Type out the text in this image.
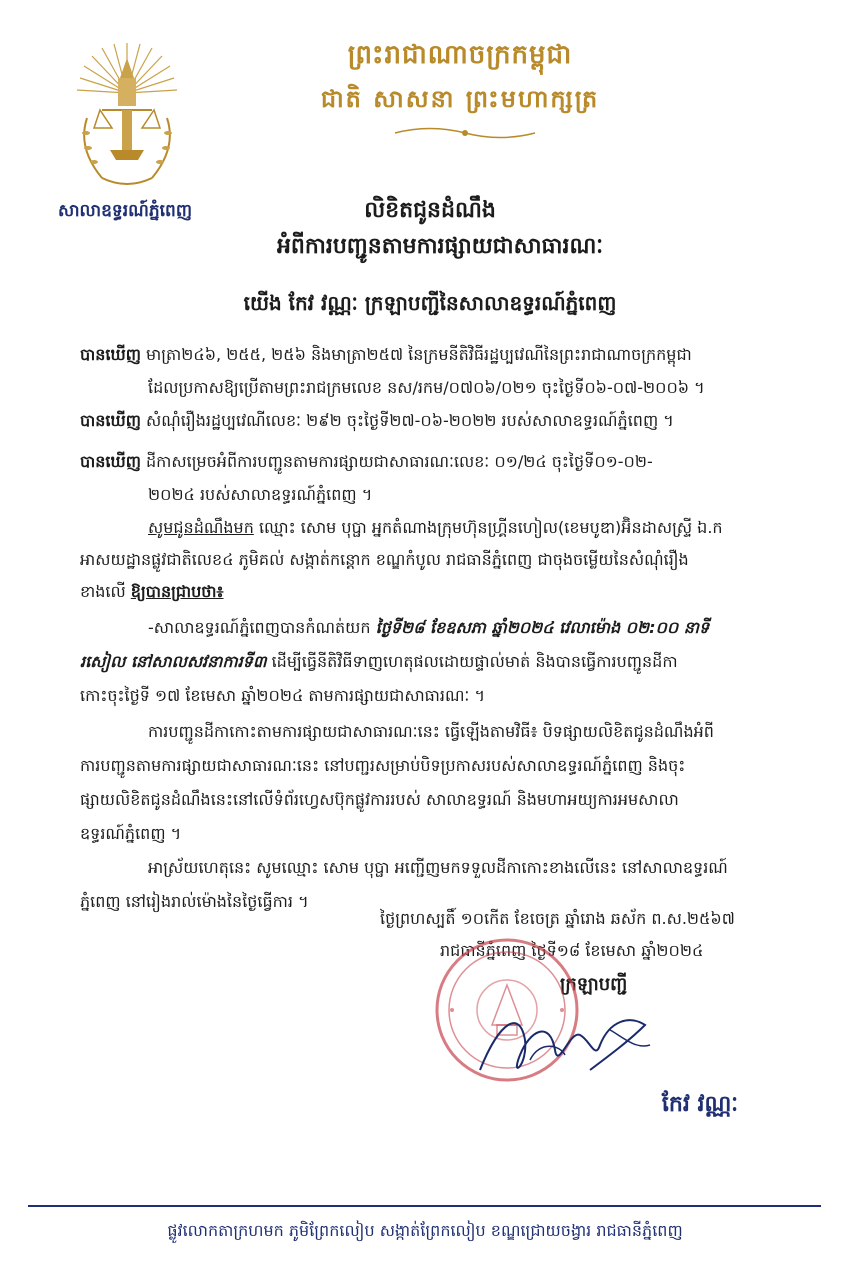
សាលាឧទ្ធរណ៍ភ្នំពេញ
ព្រះរាជាណាចក្រកម្ពុជា
ជាតិ សាសនា ព្រះមហាក្សត្រ
លិខិតជូនដំណឹង
អំពីការបញ្ជូនតាមការផ្សាយជាសាធារណៈ
យើង កែវ វណ្ណៈ ក្រឡាបញ្ជីនៃសាលាឧទ្ធរណ៍ភ្នំពេញ
បានឃើញ មាត្រា២៤៦, ២៥៥, ២៥៦ និងមាត្រា២៥៧ នៃក្រមនីតិវិធីរដ្ឋប្បវេណីនៃព្រះរាជាណាចក្រកម្ពុជា
ដែលប្រកាសឱ្យប្រើតាមព្រះរាជក្រមលេខ នស/រកម/០៧០៦/០២១ ចុះថ្ងៃទី០៦-០៧-២០០៦ ។
បានឃើញ សំណុំរឿងរដ្ឋប្បវេណីលេខៈ ២៩២ ចុះថ្ងៃទី២៧-០៦-២០២២ របស់សាលាឧទ្ធរណ៍ភ្នំពេញ ។
បានឃើញ ដីកាសម្រេចអំពីការបញ្ជូនតាមការផ្សាយជាសាធារណៈលេខៈ ០១/២៤ ចុះថ្ងៃទី០១-០២-
២០២៤ របស់សាលាឧទ្ធរណ៍ភ្នំពេញ ។
សូមជូនដំណឹងមក ឈ្មោះ សោម បុប្ផា អ្នកតំណាងក្រុមហ៊ុនហ្គ្រីនហៀល(ខេមបូឌា)អ៊ិនដាសស្ទ្រី ឯ.ក
អាសយដ្ឋានផ្លូវជាតិលេខ៤ ភូមិគល់ សង្កាត់កន្តោក ខណ្ឌកំបូល រាជធានីភ្នំពេញ ជាចុងចម្លើយនៃសំណុំរឿង
ខាងលើ ឱ្យបានជ្រាបថា៖
-សាលាឧទ្ធរណ៍ភ្នំពេញបានកំណត់យក ថ្ងៃទី២៨ ខែឧសភា ឆ្នាំ២០២៤ វេលាម៉ោង ០២:០០ នាទី
រសៀល នៅសាលសវនាការទី៣ ដើម្បីធ្វើនីតិវិធីទាញហេតុផលដោយផ្ទាល់មាត់ និងបានធ្វើការបញ្ជូនដីកា
កោះចុះថ្ងៃទី ១៧ ខែមេសា ឆ្នាំ២០២៤ តាមការផ្សាយជាសាធារណៈ ។
ការបញ្ជូនដីកាកោះតាមការផ្សាយជាសាធារណៈនេះ ធ្វើឡើងតាមវិធី៖ បិទផ្សាយលិខិតជូនដំណឹងអំពី
ការបញ្ជូនតាមការផ្សាយជាសាធារណៈនេះ នៅបញ្ជរសម្រាប់បិទប្រកាសរបស់សាលាឧទ្ធរណ៍ភ្នំពេញ និងចុះ
ផ្សាយលិខិតជូនដំណឹងនេះនៅលើទំព័រហ្វេសប៊ុកផ្លូវការរបស់ សាលាឧទ្ធរណ៍ និងមហាអយ្យការអមសាលា
ឧទ្ធរណ៍ភ្នំពេញ ។
អាស្រ័យហេតុនេះ សូមឈ្មោះ សោម បុប្ផា អញ្ជើញមកទទួលដីកាកោះខាងលើនេះ នៅសាលាឧទ្ធរណ៍
ភ្នំពេញ នៅរៀងរាល់ម៉ោងនៃថ្ងៃធ្វើការ ។
ថ្ងៃព្រហស្បតិ៍ ១០កើត ខែចេត្រ ឆ្នាំរោង ឆស័ក ព.ស.២៥៦៧
រាជធានីភ្នំពេញ ថ្ងៃទី១៨ ខែមេសា ឆ្នាំ២០២៤
ក្រឡាបញ្ជី
កែវ វណ្ណៈ
ផ្លូវលោកតាក្រហមក ភូមិព្រែកលៀប សង្កាត់ព្រែកលៀប ខណ្ឌជ្រោយចង្វារ រាជធានីភ្នំពេញ
